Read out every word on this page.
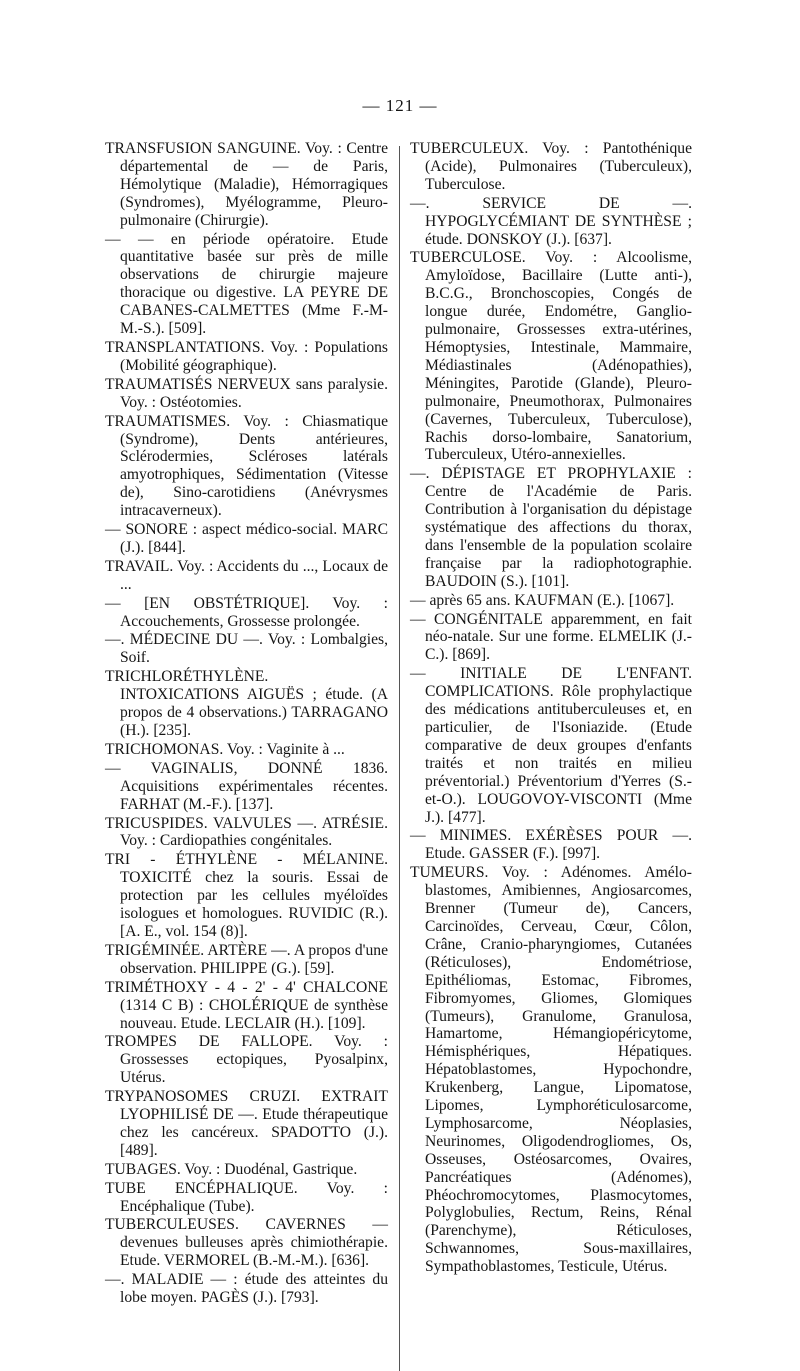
— 121 —

TRANSFUSION SANGUINE. Voy. : Centre départemental de — de Paris, Hémolytique (Maladie), Hémorragiques (Syndromes), Myélogramme, Pleuro-pulmonaire (Chirurgie).

— — en période opératoire. Etude quantitative basée sur près de mille observations de chirurgie majeure thoracique ou digestive. LA PEYRE DE CABANES-CALMETTES (Mme F.-M-M.-S.). [509].

TRANSPLANTATIONS. Voy. : Populations (Mobilité géographique).

TRAUMATISÉS NERVEUX sans paralysie. Voy. : Ostéotomies.

TRAUMATISMES. Voy. : Chiasmatique (Syndrome), Dents antérieures, Sclérodermies, Scléroses latérals amyotrophiques, Sédimentation (Vitesse de), Sino-carotidiens (Anévrysmes intracaverneux).

— SONORE : aspect médico-social. MARC (J.). [844].

TRAVAIL. Voy. : Accidents du ..., Locaux de ...

— [EN OBSTÉTRIQUE]. Voy. : Accouchements, Grossesse prolongée.

—. MÉDECINE DU —. Voy. : Lombalgies, Soif.

TRICHLORÉTHYLÈNE. INTOXICATIONS AIGUËS ; étude. (A propos de 4 observations.) TARRAGANO (H.). [235].

TRICHOMONAS. Voy. : Vaginite à ...

— VAGINALIS, DONNÉ 1836. Acquisitions expérimentales récentes. FARHAT (M.-F.). [137].

TRICUSPIDES. VALVULES —. ATRÉSIE. Voy. : Cardiopathies congénitales.

TRI - ÉTHYLÈNE - MÉLANINE. TOXICITÉ chez la souris. Essai de protection par les cellules myéloïdes isologues et homologues. RUVIDIC (R.). [A. E., vol. 154 (8)].

TRIGÉMINÉE. ARTÈRE —. A propos d'une observation. PHILIPPE (G.). [59].

TRIMÉTHOXY - 4 - 2' - 4' CHALCONE (1314 C B) : CHOLÉRIQUE de synthèse nouveau. Etude. LECLAIR (H.). [109].

TROMPES DE FALLOPE. Voy. : Grossesses ectopiques, Pyosalpinx, Utérus.

TRYPANOSOMES CRUZI. EXTRAIT LYOPHILISÉ DE —. Etude thérapeutique chez les cancéreux. SPADOTTO (J.). [489].

TUBAGES. Voy. : Duodénal, Gastrique.

TUBE ENCÉPHALIQUE. Voy. : Encéphalique (Tube).

TUBERCULEUSES. CAVERNES — devenues bulleuses après chimiothérapie. Etude. VERMOREL (B.-M.-M.). [636].

—. MALADIE — : étude des atteintes du lobe moyen. PAGÈS (J.). [793].

TUBERCULEUX. Voy. : Pantothénique (Acide), Pulmonaires (Tuberculeux), Tuberculose.

—. SERVICE DE —. HYPOGLYCÉMIANT DE SYNTHÈSE ; étude. DONSKOY (J.). [637].

TUBERCULOSE. Voy. : Alcoolisme, Amyloïdose, Bacillaire (Lutte anti-), B.C.G., Bronchoscopies, Congés de longue durée, Endométre, Ganglio-pulmonaire, Grossesses extra-utérines, Hémoptysies, Intestinale, Mammaire, Médiastinales (Adénopathies), Méningites, Parotide (Glande), Pleuro-pulmonaire, Pneumothorax, Pulmonaires (Cavernes, Tuberculeux, Tuberculose), Rachis dorso-lombaire, Sanatorium, Tuberculeux, Utéro-annexielles.

—. DÉPISTAGE ET PROPHYLAXIE : Centre de l'Académie de Paris. Contribution à l'organisation du dépistage systématique des affections du thorax, dans l'ensemble de la population scolaire française par la radiophotographie. BAUDOIN (S.). [101].

— après 65 ans. KAUFMAN (E.). [1067].

— CONGÉNITALE apparemment, en fait néo-natale. Sur une forme. ELMELIK (J.-C.). [869].

— INITIALE DE L'ENFANT. COMPLICATIONS. Rôle prophylactique des médications antituberculeuses et, en particulier, de l'Isoniazide. (Etude comparative de deux groupes d'enfants traités et non traités en milieu préventorial.) Préventorium d'Yerres (S.-et-O.). LOUGOVOY-VISCONTI (Mme J.). [477].

— MINIMES. EXÉRÈSES POUR —. Etude. GASSER (F.). [997].

TUMEURS. Voy. : Adénomes. Amélo-blastomes, Amibiennes, Angiosarcomes, Brenner (Tumeur de), Cancers, Carcinoïdes, Cerveau, Cœur, Côlon, Crâne, Cranio-pharyngiomes, Cutanées (Réticuloses), Endométriose, Epithéliomas, Estomac, Fibromes, Fibromyomes, Gliomes, Glomiques (Tumeurs), Granulome, Granulosa, Hamartome, Hémangiopéricytome, Hémisphériques, Hépatiques. Hépatoblastomes, Hypochondre, Krukenberg, Langue, Lipomatose, Lipomes, Lymphoréticulosarcome, Lymphosarcome, Néoplasies, Neurinomes, Oligodendrogliomes, Os, Osseuses, Ostéosarcomes, Ovaires, Pancréatiques (Adénomes), Phéochromocytomes, Plasmocytomes, Polyglobulies, Rectum, Reins, Rénal (Parenchyme), Réticuloses, Schwannomes, Sous-maxillaires, Sympathoblastomes, Testicule, Utérus.
